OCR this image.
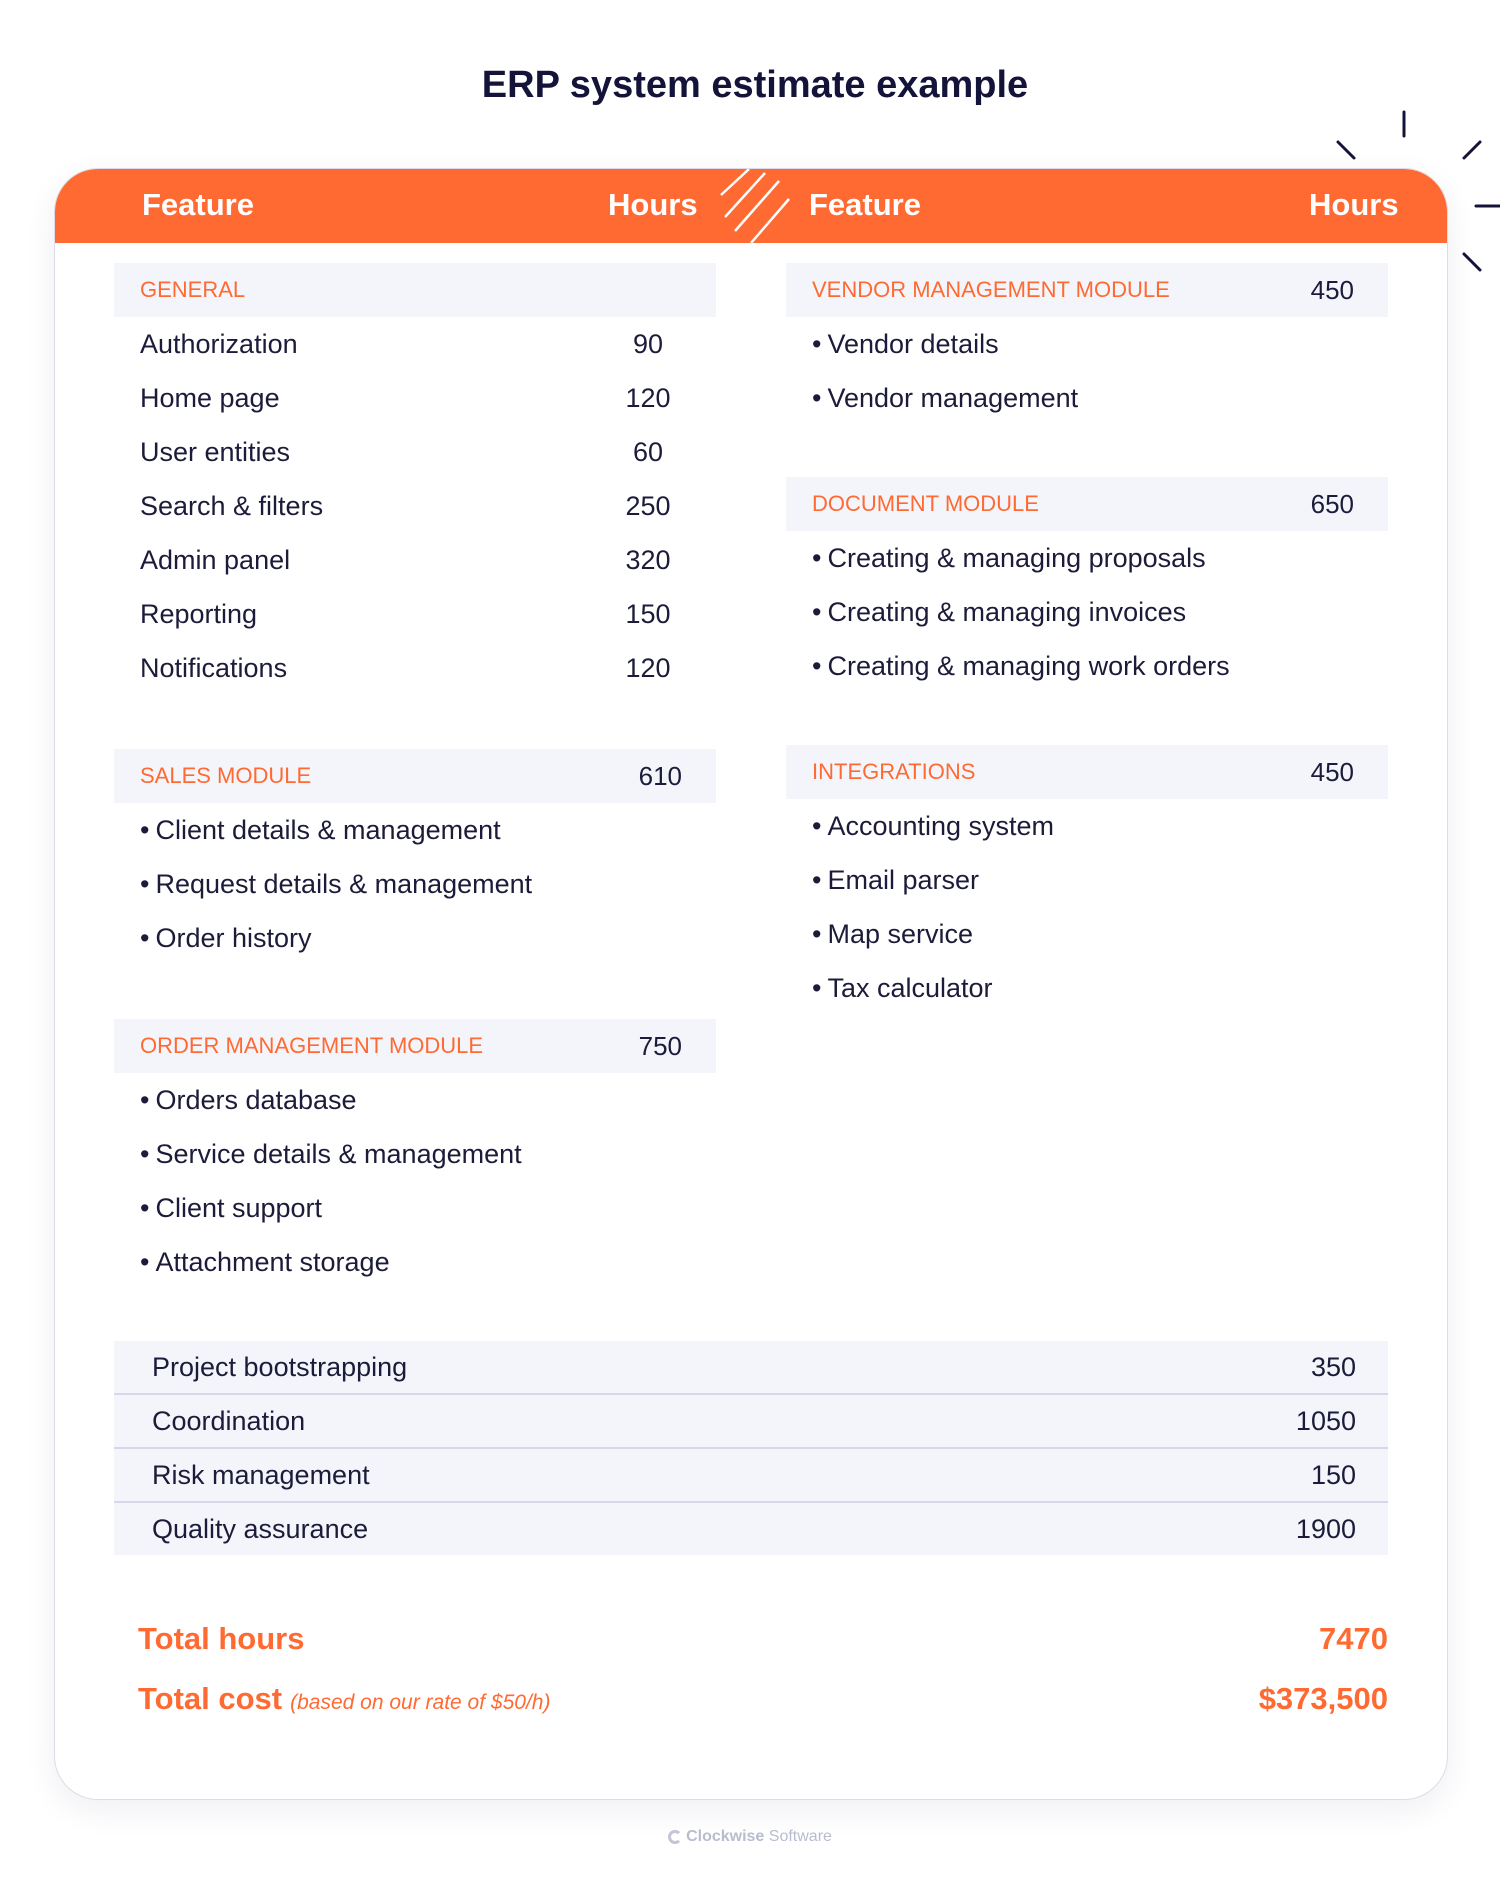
ERP system estimate example
Feature	Hours	Feature	Hours
GENERAL
Authorization	90
Home page	120
User entities	60
Search & filters	250
Admin panel	320
Reporting	150
Notifications	120
SALES MODULE	610
• Client details & management
• Request details & management
• Order history
ORDER MANAGEMENT MODULE	750
• Orders database
• Service details & management
• Client support
• Attachment storage
VENDOR MANAGEMENT MODULE	450
• Vendor details
• Vendor management
DOCUMENT MODULE	650
• Creating & managing proposals
• Creating & managing invoices
• Creating & managing work orders
INTEGRATIONS	450
• Accounting system
• Email parser
• Map service
• Tax calculator
Project bootstrapping	350
Coordination	1050
Risk management	150
Quality assurance	1900
Total hours	7470
Total cost (based on our rate of $50/h)	$373,500
Clockwise Software
